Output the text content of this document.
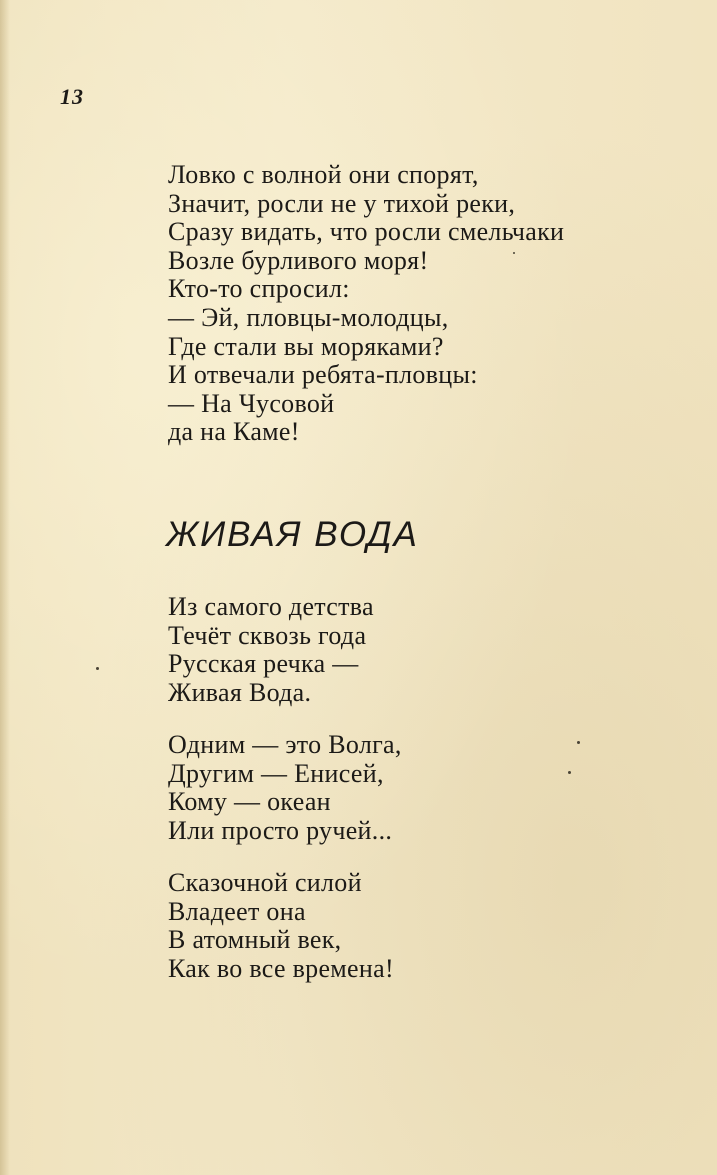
13
Ловко с волной они спорят,
Значит, росли не у тихой реки,
Сразу видать, что росли смельчаки
Возле бурливого моря!
Кто-то спросил:
— Эй, пловцы-молодцы,
Где стали вы моряками?
И отвечали ребята-пловцы:
— На Чусовой
да на Каме!
ЖИВАЯ ВОДА
Из самого детства
Течёт сквозь года
Русская речка —
Живая Вода.
Одним — это Волга,
Другим — Енисей,
Кому — океан
Или просто ручей...
Сказочной силой
Владеет она
В атомный век,
Как во все времена!
